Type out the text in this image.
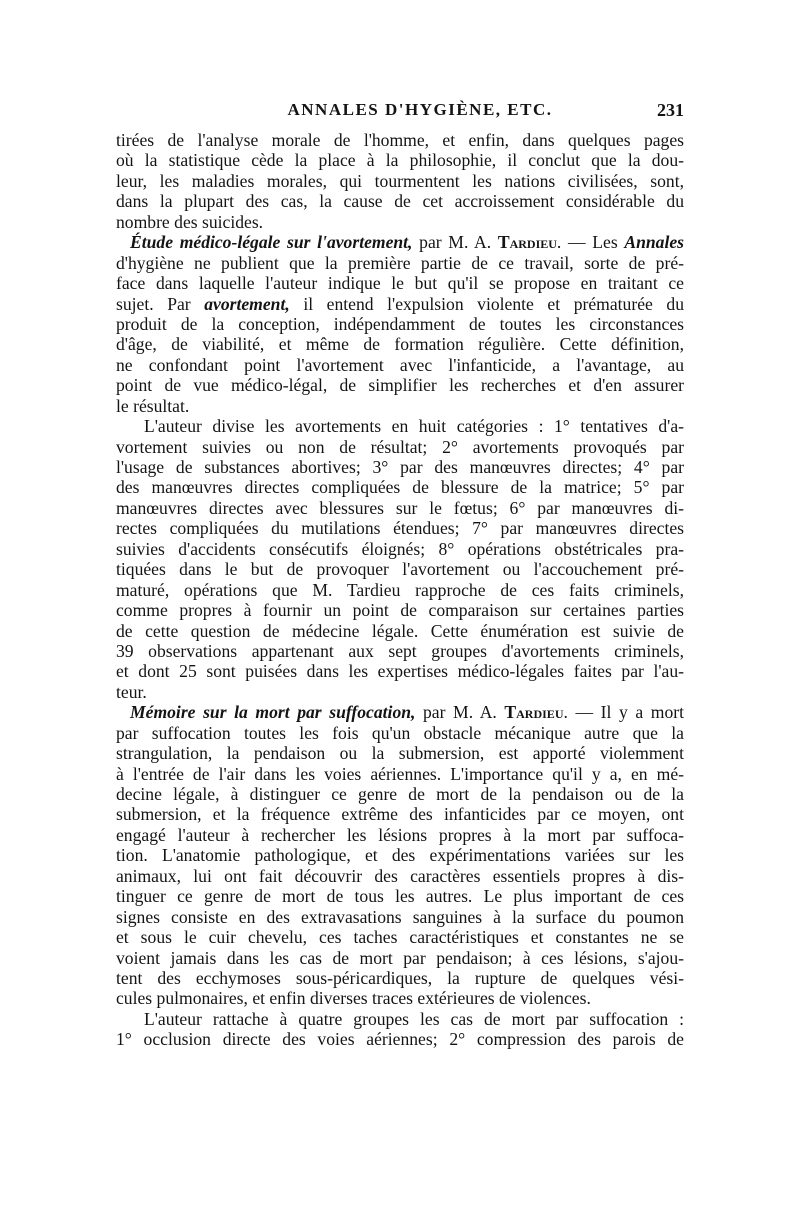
ANNALES D'HYGIÈNE, ETC.	231
tirées de l'analyse morale de l'homme, et enfin, dans quelques pages
où la statistique cède la place à la philosophie, il conclut que la dou-
leur, les maladies morales, qui tourmentent les nations civilisées, sont,
dans la plupart des cas, la cause de cet accroissement considérable du
nombre des suicides.
Étude médico-légale sur l'avortement, par M. A. Tardieu. — Les Annales
d'hygiène ne publient que la première partie de ce travail, sorte de pré-
face dans laquelle l'auteur indique le but qu'il se propose en traitant ce
sujet. Par avortement, il entend l'expulsion violente et prématurée du
produit de la conception, indépendamment de toutes les circonstances
d'âge, de viabilité, et même de formation régulière. Cette définition,
ne confondant point l'avortement avec l'infanticide, a l'avantage, au
point de vue médico-légal, de simplifier les recherches et d'en assurer
le résultat.
L'auteur divise les avortements en huit catégories : 1° tentatives d'a-
vortement suivies ou non de résultat; 2° avortements provoqués par
l'usage de substances abortives; 3° par des manœuvres directes; 4° par
des manœuvres directes compliquées de blessure de la matrice; 5° par
manœuvres directes avec blessures sur le fœtus; 6° par manœuvres di-
rectes compliquées du mutilations étendues; 7° par manœuvres directes
suivies d'accidents consécutifs éloignés; 8° opérations obstétricales pra-
tiquées dans le but de provoquer l'avortement ou l'accouchement pré-
maturé, opérations que M. Tardieu rapproche de ces faits criminels,
comme propres à fournir un point de comparaison sur certaines parties
de cette question de médecine légale. Cette énumération est suivie de
39 observations appartenant aux sept groupes d'avortements criminels,
et dont 25 sont puisées dans les expertises médico-légales faites par l'au-
teur.
Mémoire sur la mort par suffocation, par M. A. Tardieu. — Il y a mort
par suffocation toutes les fois qu'un obstacle mécanique autre que la
strangulation, la pendaison ou la submersion, est apporté violemment
à l'entrée de l'air dans les voies aériennes. L'importance qu'il y a, en mé-
decine légale, à distinguer ce genre de mort de la pendaison ou de la
submersion, et la fréquence extrême des infanticides par ce moyen, ont
engagé l'auteur à rechercher les lésions propres à la mort par suffoca-
tion. L'anatomie pathologique, et des expérimentations variées sur les
animaux, lui ont fait découvrir des caractères essentiels propres à dis-
tinguer ce genre de mort de tous les autres. Le plus important de ces
signes consiste en des extravasations sanguines à la surface du poumon
et sous le cuir chevelu, ces taches caractéristiques et constantes ne se
voient jamais dans les cas de mort par pendaison; à ces lésions, s'ajou-
tent des ecchymoses sous-péricardiques, la rupture de quelques vési-
cules pulmonaires, et enfin diverses traces extérieures de violences.
L'auteur rattache à quatre groupes les cas de mort par suffocation :
1° occlusion directe des voies aériennes; 2° compression des parois de
